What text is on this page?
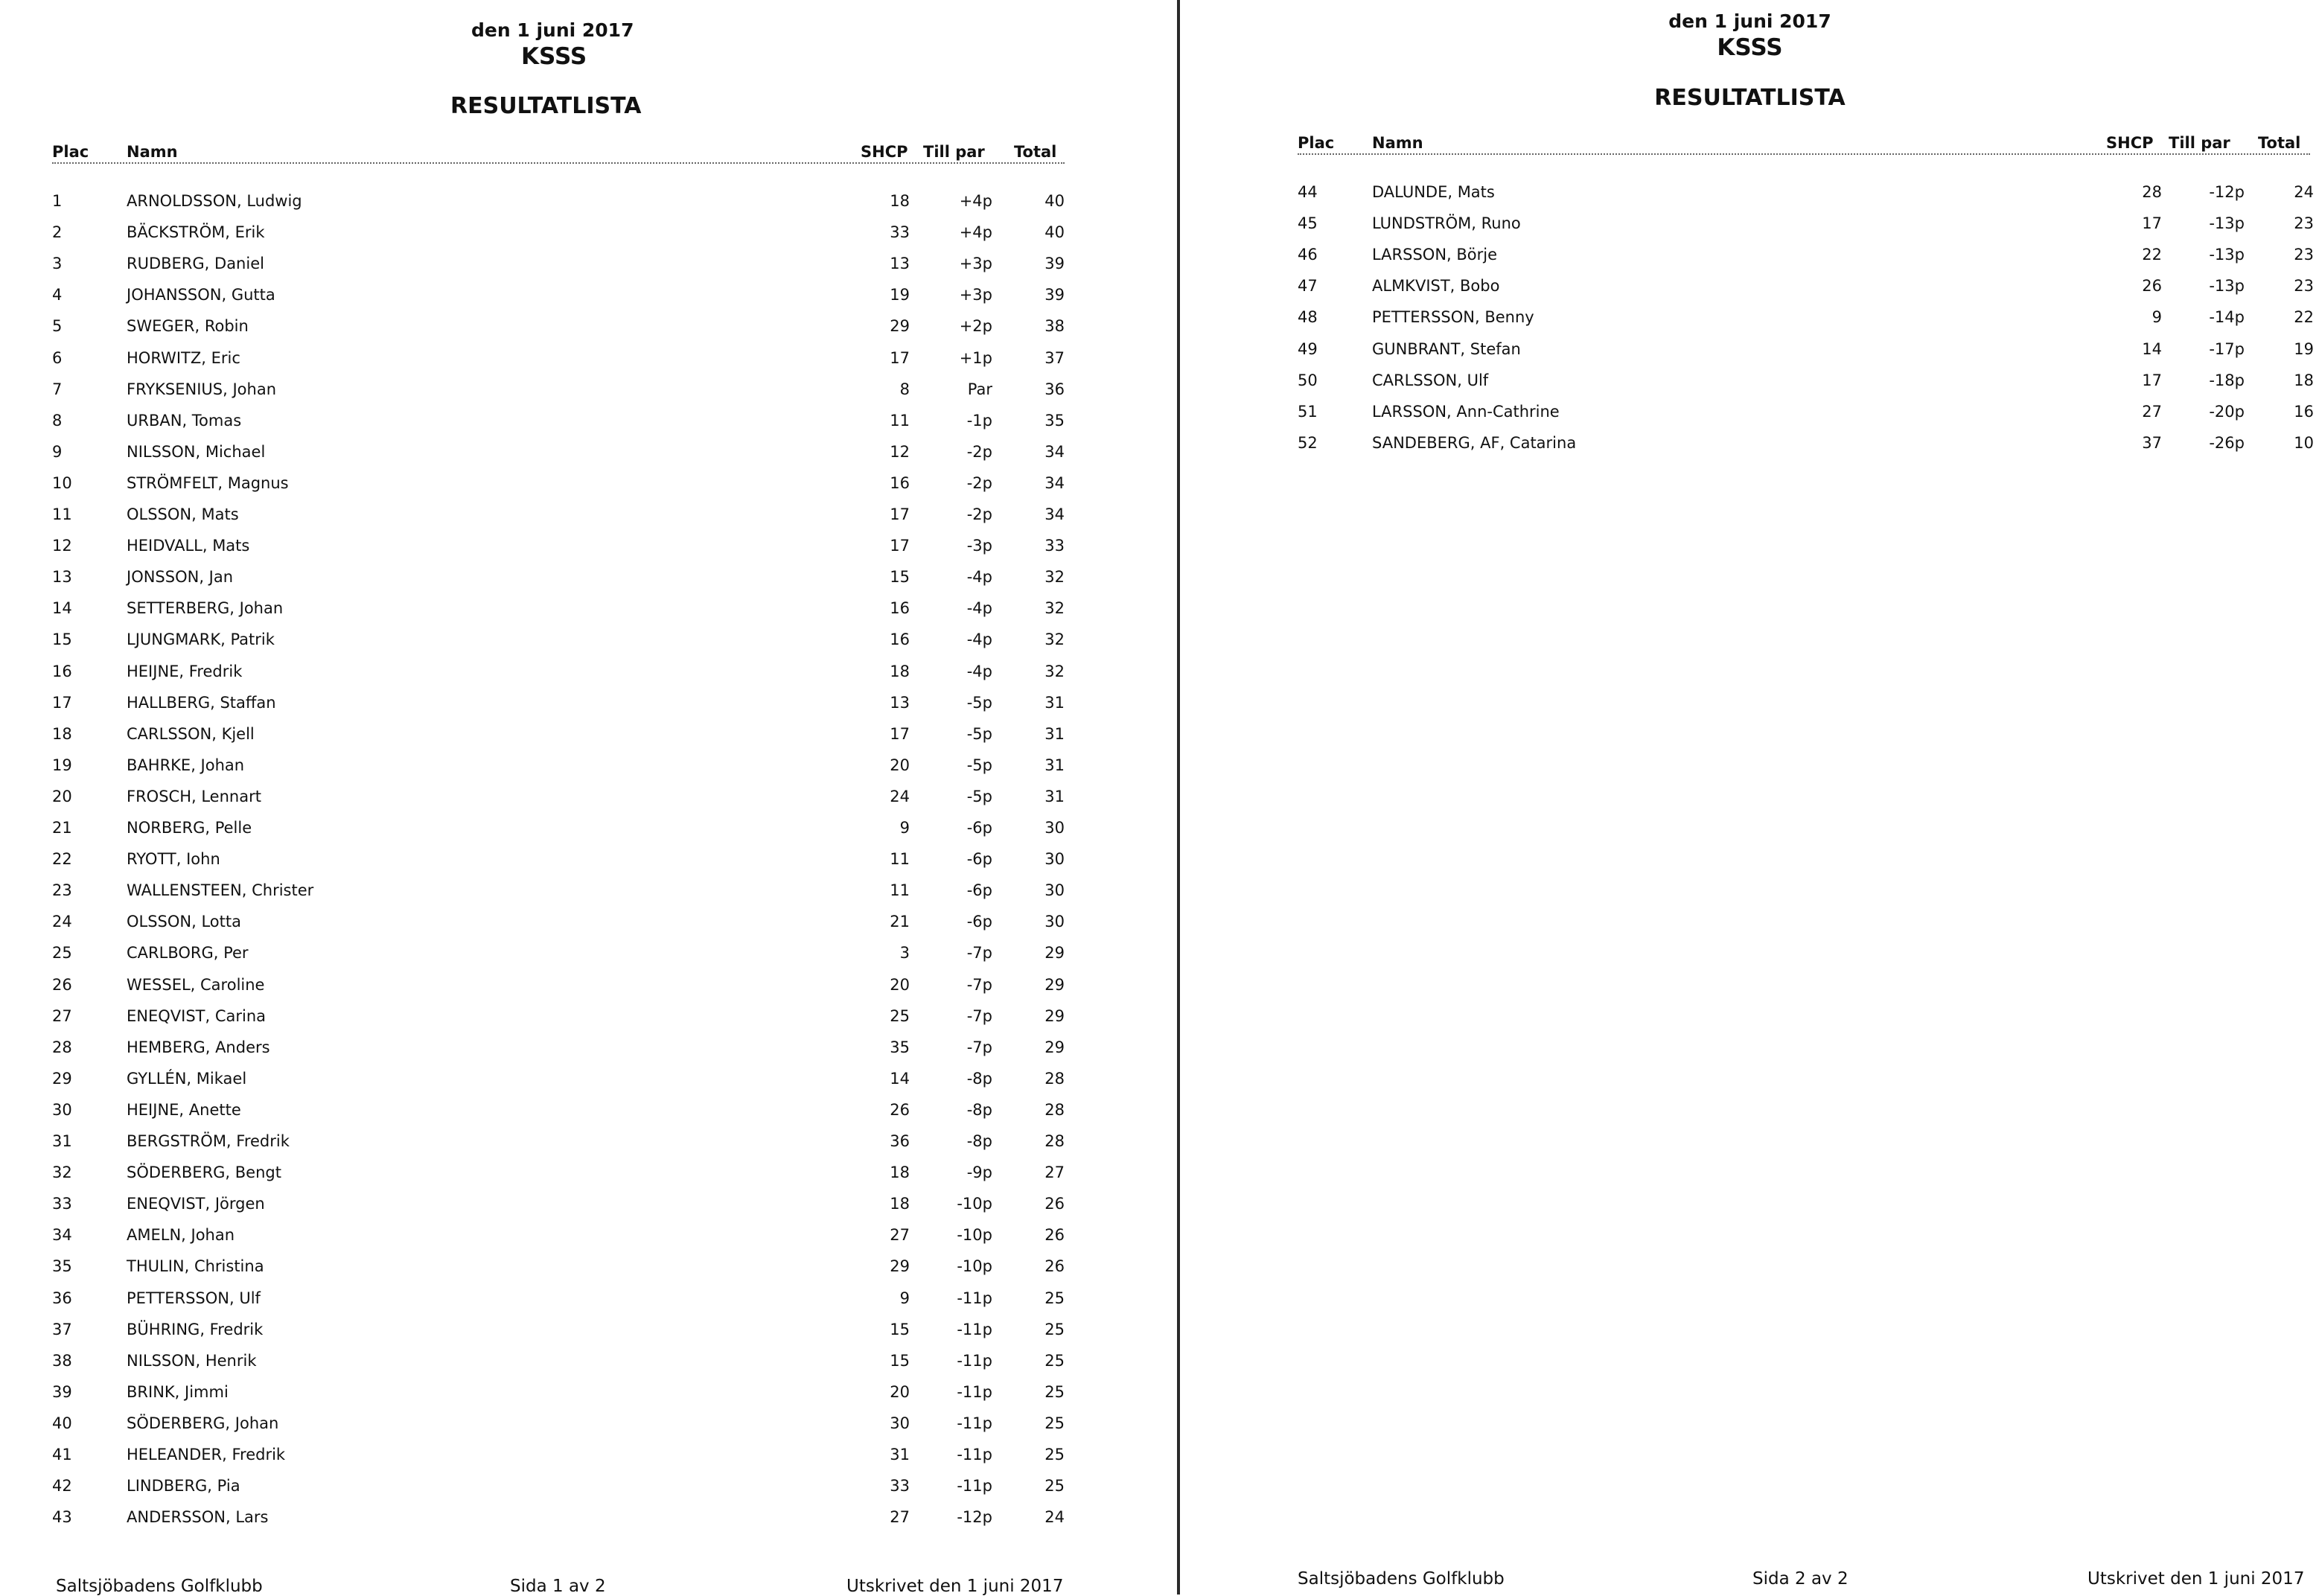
den 1 juni 2017
KSSS
RESULTATLISTA
Plac Namn	SHCP Till par Total
1	ARNOLDSSON, Ludwig	18	+4p	40
2	BÄCKSTRÖM, Erik	33	+4p	40
3	RUDBERG, Daniel	13	+3p	39
4	JOHANSSON, Gutta	19	+3p	39
5	SWEGER, Robin	29	+2p	38
6	HORWITZ, Eric	17	+1p	37
7	FRYKSENIUS, Johan	8	Par	36
8	URBAN, Tomas	11	-1p	35
9	NILSSON, Michael	12	-2p	34
10	STRÖMFELT, Magnus	16	-2p	34
11	OLSSON, Mats	17	-2p	34
12	HEIDVALL, Mats	17	-3p	33
13	JONSSON, Jan	15	-4p	32
14	SETTERBERG, Johan	16	-4p	32
15	LJUNGMARK, Patrik	16	-4p	32
16	HEIJNE, Fredrik	18	-4p	32
17	HALLBERG, Staffan	13	-5p	31
18	CARLSSON, Kjell	17	-5p	31
19	BAHRKE, Johan	20	-5p	31
20	FROSCH, Lennart	24	-5p	31
21	NORBERG, Pelle	9	-6p	30
22	RYOTT, Iohn	11	-6p	30
23	WALLENSTEEN, Christer	11	-6p	30
24	OLSSON, Lotta	21	-6p	30
25	CARLBORG, Per	3	-7p	29
26	WESSEL, Caroline	20	-7p	29
27	ENEQVIST, Carina	25	-7p	29
28	HEMBERG, Anders	35	-7p	29
29	GYLLÉN, Mikael	14	-8p	28
30	HEIJNE, Anette	26	-8p	28
31	BERGSTRÖM, Fredrik	36	-8p	28
32	SÖDERBERG, Bengt	18	-9p	27
33	ENEQVIST, Jörgen	18	-10p	26
34	AMELN, Johan	27	-10p	26
35	THULIN, Christina	29	-10p	26
36	PETTERSSON, Ulf	9	-11p	25
37	BÜHRING, Fredrik	15	-11p	25
38	NILSSON, Henrik	15	-11p	25
39	BRINK, Jimmi	20	-11p	25
40	SÖDERBERG, Johan	30	-11p	25
41	HELEANDER, Fredrik	31	-11p	25
42	LINDBERG, Pia	33	-11p	25
43	ANDERSSON, Lars	27	-12p	24
Saltsjöbadens Golfklubb	Sida 1 av 2	Utskrivet den 1 juni 2017
den 1 juni 2017
KSSS
RESULTATLISTA
Plac Namn	SHCP Till par Total
44	DALUNDE, Mats	28	-12p	24
45	LUNDSTRÖM, Runo	17	-13p	23
46	LARSSON, Börje	22	-13p	23
47	ALMKVIST, Bobo	26	-13p	23
48	PETTERSSON, Benny	9	-14p	22
49	GUNBRANT, Stefan	14	-17p	19
50	CARLSSON, Ulf	17	-18p	18
51	LARSSON, Ann-Cathrine	27	-20p	16
52	SANDEBERG, AF, Catarina	37	-26p	10
Saltsjöbadens Golfklubb	Sida 2 av 2	Utskrivet den 1 juni 2017
